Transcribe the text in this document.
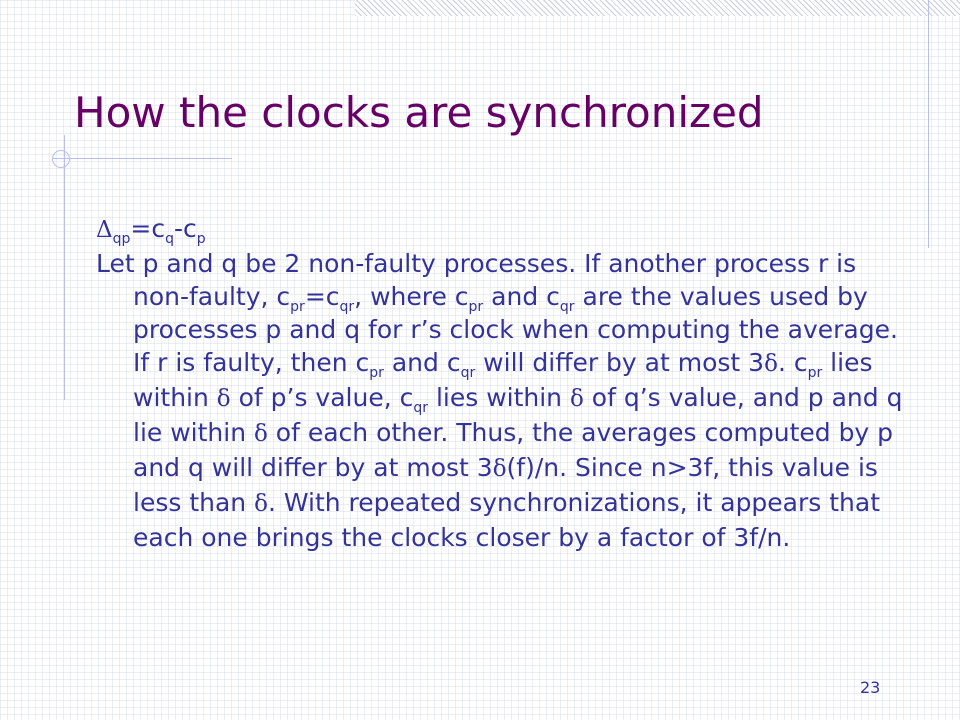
How the clocks are synchronized

$\Delta_{qp}=c_q-c_p$

Let p and q be 2 non-faulty processes. If another process r is non-faulty, $c_{pr}=c_{qr}$, where $c_{pr}$ and $c_{qr}$ are the values used by processes p and q for r’s clock when computing the average. If r is faulty, then $c_{pr}$ and $c_{qr}$ will differ by at most 3δ. $c_{pr}$ lies within δ of p’s value, $c_{qr}$ lies within δ of q’s value, and p and q lie within δ of each other. Thus, the averages computed by p and q will differ by at most 3δ(f)/n. Since n>3f, this value is less than δ. With repeated synchronizations, it appears that each one brings the clocks closer by a factor of 3f/n.

23
